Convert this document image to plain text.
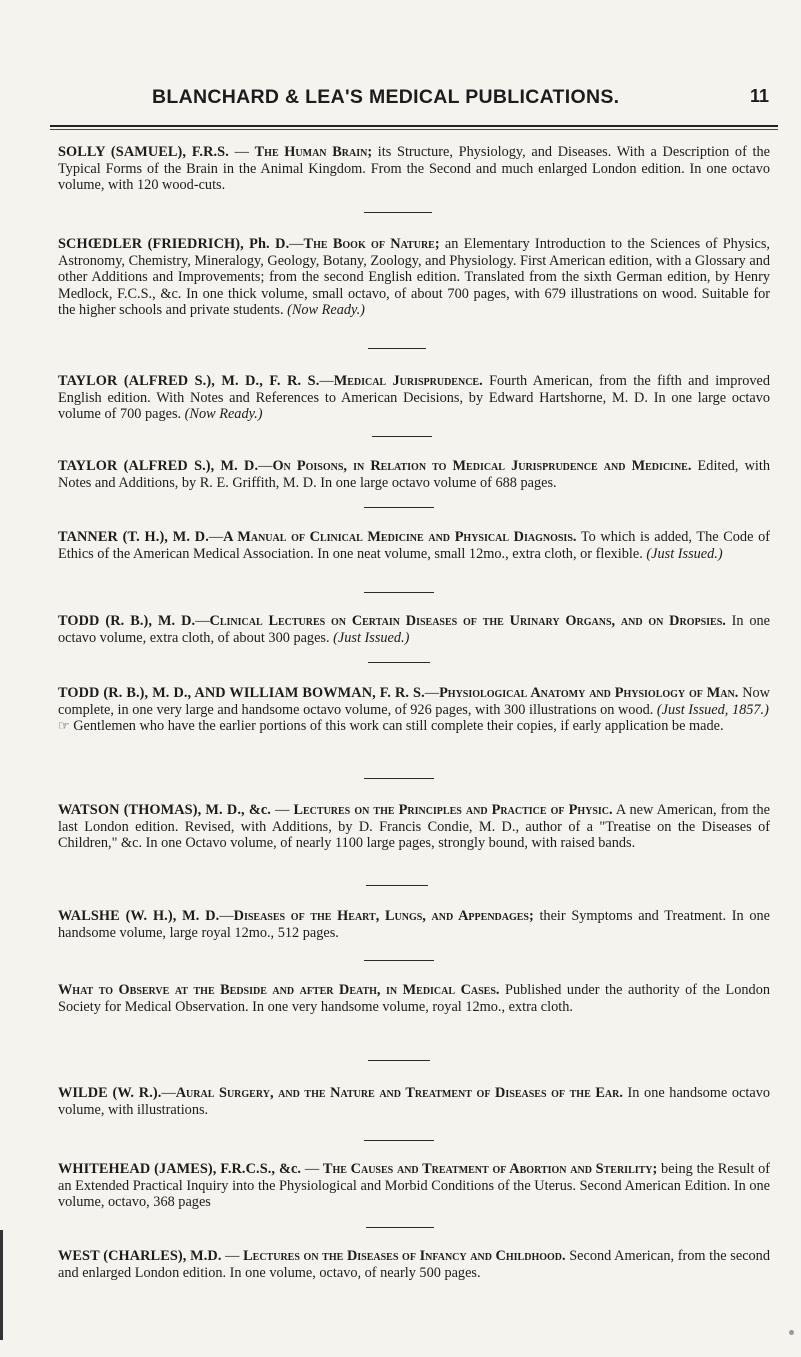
BLANCHARD & LEA'S MEDICAL PUBLICATIONS.	11
SOLLY (SAMUEL), F.R.S. — The Human Brain; its Structure, Physiology, and Diseases. With a Description of the Typical Forms of the Brain in the Animal Kingdom. From the Second and much enlarged London edition. In one octavo volume, with 120 wood-cuts.
SCHŒDLER (FRIEDRICH), Ph. D.—The Book of Nature; an Elementary Introduction to the Sciences of Physics, Astronomy, Chemistry, Mineralogy, Geology, Botany, Zoology, and Physiology. First American edition, with a Glossary and other Additions and Improvements; from the second English edition. Translated from the sixth German edition, by Henry Medlock, F.C.S., &c. In one thick volume, small octavo, of about 700 pages, with 679 illustrations on wood. Suitable for the higher schools and private students. (Now Ready.)
TAYLOR (ALFRED S.), M. D., F. R. S.—Medical Jurisprudence. Fourth American, from the fifth and improved English edition. With Notes and References to American Decisions, by Edward Hartshorne, M. D. In one large octavo volume of 700 pages. (Now Ready.)
TAYLOR (ALFRED S.), M. D.—On Poisons, in Relation to Medical Jurisprudence and Medicine. Edited, with Notes and Additions, by R. E. Griffith, M. D. In one large octavo volume of 688 pages.
TANNER (T. H.), M. D.—A Manual of Clinical Medicine and Physical Diagnosis. To which is added, The Code of Ethics of the American Medical Association. In one neat volume, small 12mo., extra cloth, or flexible. (Just Issued.)
TODD (R. B.), M. D.—Clinical Lectures on Certain Diseases of the Urinary Organs, and on Dropsies. In one octavo volume, extra cloth, of about 300 pages. (Just Issued.)
TODD (R. B.), M. D., AND WILLIAM BOWMAN, F. R. S.—Physiological Anatomy and Physiology of Man. Now complete, in one very large and handsome octavo volume, of 926 pages, with 300 illustrations on wood. (Just Issued, 1857.)
☞ Gentlemen who have the earlier portions of this work can still complete their copies, if early application be made.
WATSON (THOMAS), M. D., &c. — Lectures on the Principles and Practice of Physic. A new American, from the last London edition. Revised, with Additions, by D. Francis Condie, M. D., author of a "Treatise on the Diseases of Children," &c. In one Octavo volume, of nearly 1100 large pages, strongly bound, with raised bands.
WALSHE (W. H.), M. D.—Diseases of the Heart, Lungs, and Appendages; their Symptoms and Treatment. In one handsome volume, large royal 12mo., 512 pages.
What to Observe at the Bedside and after Death, in Medical Cases. Published under the authority of the London Society for Medical Observation. In one very handsome volume, royal 12mo., extra cloth.
WILDE (W. R.).—Aural Surgery, and the Nature and Treatment of Diseases of the Ear. In one handsome octavo volume, with illustrations.
WHITEHEAD (JAMES), F.R.C.S., &c. — The Causes and Treatment of Abortion and Sterility; being the Result of an Extended Practical Inquiry into the Physiological and Morbid Conditions of the Uterus. Second American Edition. In one volume, octavo, 368 pages
WEST (CHARLES), M.D. — Lectures on the Diseases of Infancy and Childhood. Second American, from the second and enlarged London edition. In one volume, octavo, of nearly 500 pages.
